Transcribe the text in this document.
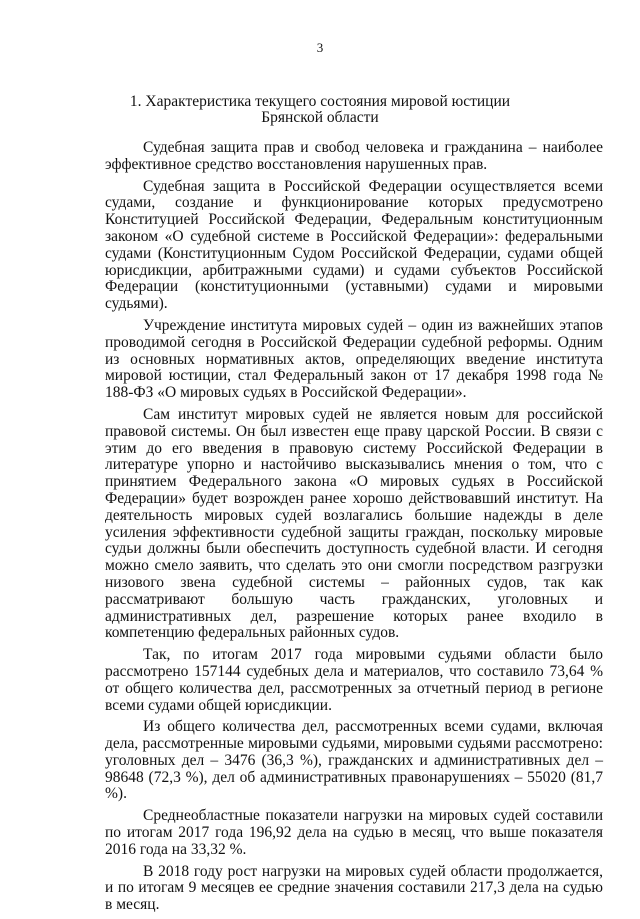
3
1. Характеристика текущего состояния мировой юстиции
Брянской области

Судебная защита прав и свобод человека и гражданина – наиболее эффективное средство восстановления нарушенных прав.

Судебная защита в Российской Федерации осуществляется всеми судами, создание и функционирование которых предусмотрено Конституцией Российской Федерации, Федеральным конституционным законом «О судебной системе в Российской Федерации»: федеральными судами (Конституционным Судом Российской Федерации, судами общей юрисдикции, арбитражными судами) и судами субъектов Российской Федерации (конституционными (уставными) судами и мировыми судьями).

Учреждение института мировых судей – один из важнейших этапов проводимой сегодня в Российской Федерации судебной реформы. Одним из основных нормативных актов, определяющих введение института мировой юстиции, стал Федеральный закон от 17 декабря 1998 года № 188-ФЗ «О мировых судьях в Российской Федерации».

Сам институт мировых судей не является новым для российской правовой системы. Он был известен еще праву царской России. В связи с этим до его введения в правовую систему Российской Федерации в литературе упорно и настойчиво высказывались мнения о том, что с принятием Федерального закона «О мировых судьях в Российской Федерации» будет возрожден ранее хорошо действовавший институт. На деятельность мировых судей возлагались большие надежды в деле усиления эффективности судебной защиты граждан, поскольку мировые судьи должны были обеспечить доступность судебной власти. И сегодня можно смело заявить, что сделать это они смогли посредством разгрузки низового звена судебной системы – районных судов, так как рассматривают большую часть гражданских, уголовных и административных дел, разрешение которых ранее входило в компетенцию федеральных районных судов.

Так, по итогам 2017 года мировыми судьями области было рассмотрено 157144 судебных дела и материалов, что составило 73,64 % от общего количества дел, рассмотренных за отчетный период в регионе всеми судами общей юрисдикции.

Из общего количества дел, рассмотренных всеми судами, включая дела, рассмотренные мировыми судьями, мировыми судьями рассмотрено: уголовных дел – 3476 (36,3 %), гражданских и административных дел – 98648 (72,3 %), дел об административных правонарушениях – 55020 (81,7 %).

Среднеобластные показатели нагрузки на мировых судей составили по итогам 2017 года 196,92 дела на судью в месяц, что выше показателя 2016 года на 33,32 %.

В 2018 году рост нагрузки на мировых судей области продолжается, и по итогам 9 месяцев ее средние значения составили 217,3 дела на судью в месяц.
